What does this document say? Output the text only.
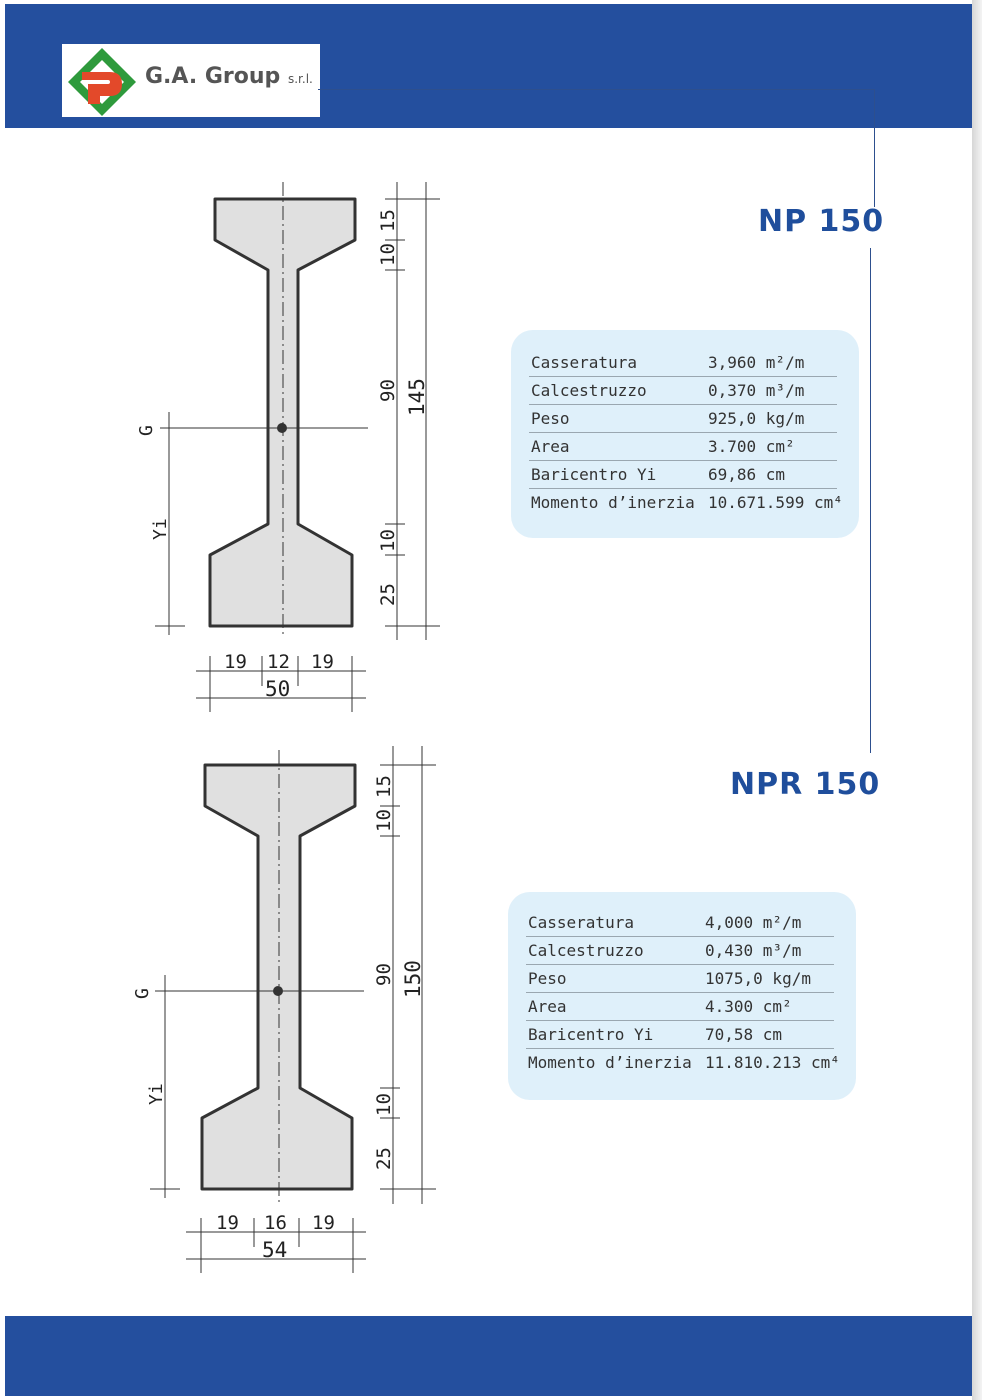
G.A. Group s.r.l.
NP 150
NPR 150
Casseratura	3,960 m²/m
Calcestruzzo	0,370 m³/m
Peso	925,0 kg/m
Area	3.700 cm²
Baricentro Yi	69,86 cm
Momento d’inerzia 10.671.599 cm⁴
Casseratura	4,000 m²/m
Calcestruzzo	0,430 m³/m
Peso	1075,0 kg/m
Area	4.300 cm²
Baricentro Yi	70,58 cm
Momento d’inerzia 11.810.213 cm⁴
G
Yi
15
10
90
10
25
145
19 12 19
50
G
Yi
15
10
90
10
25
150
19 16 19
54
